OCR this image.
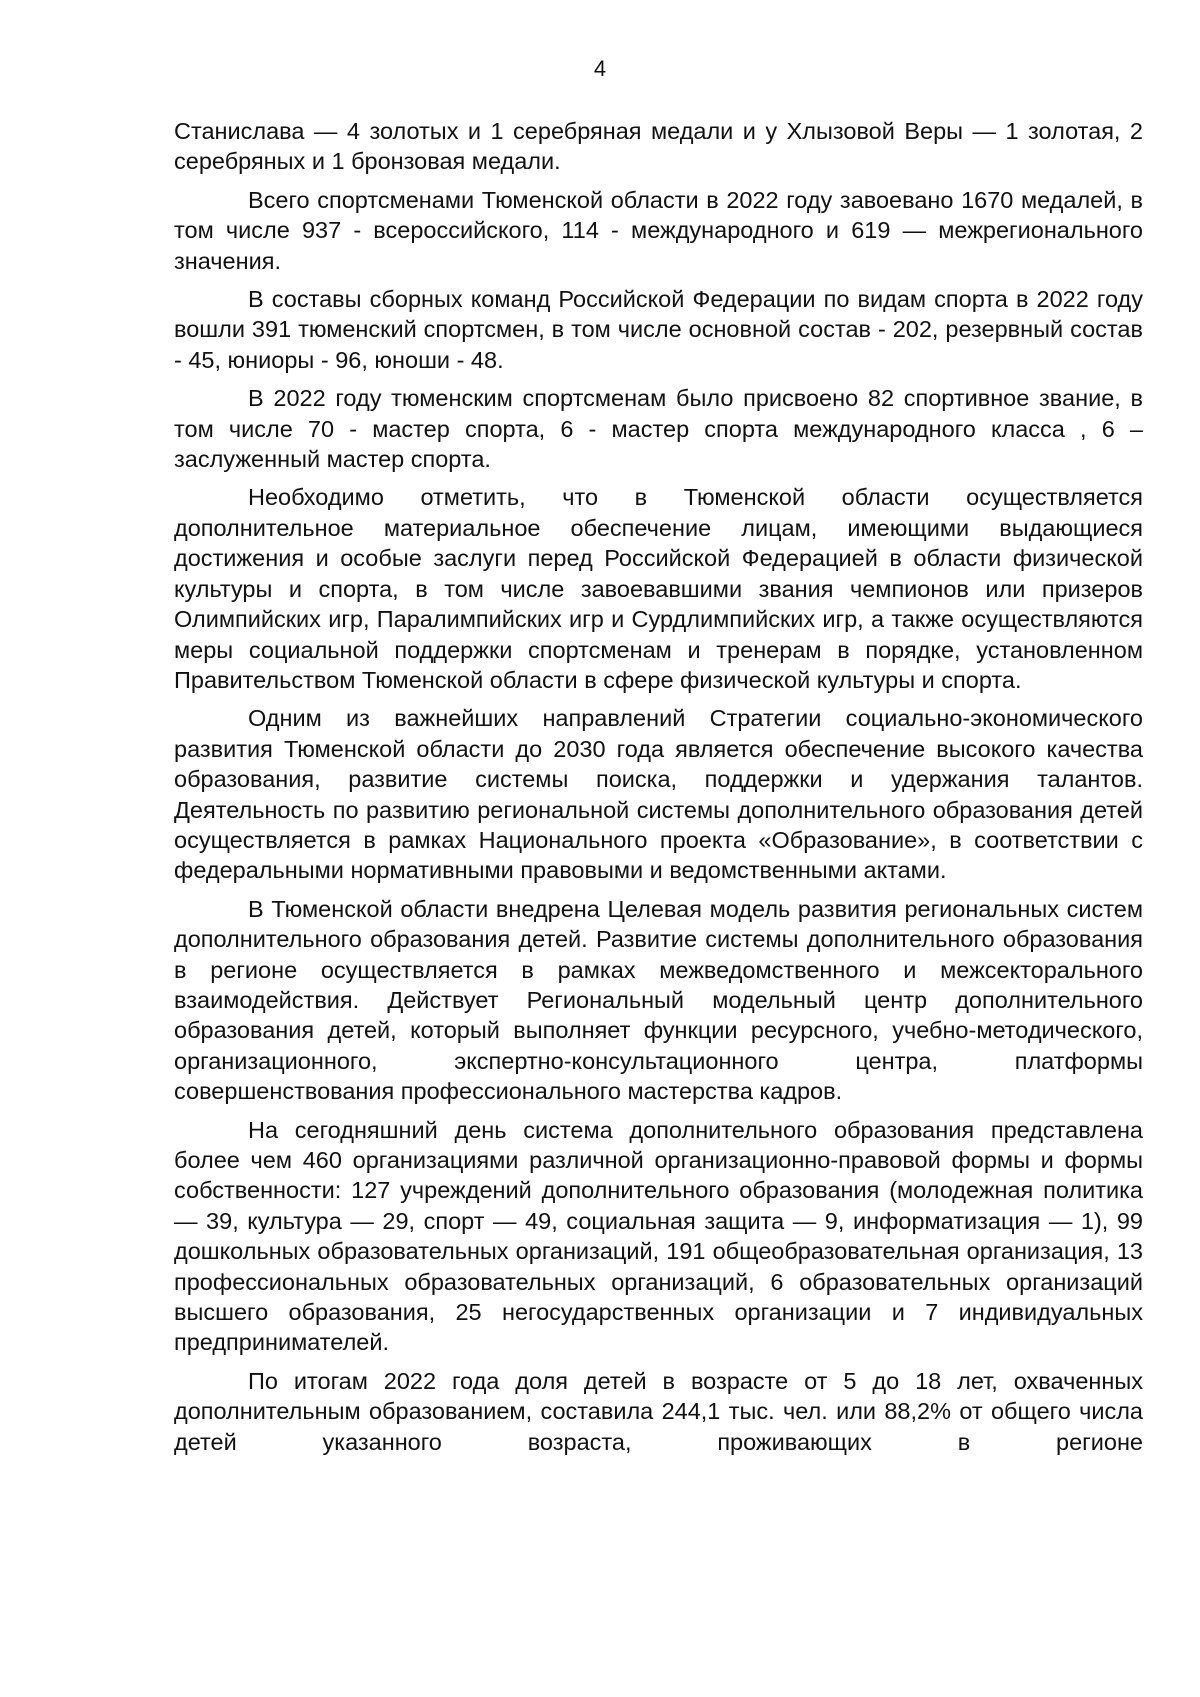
4

Станислава — 4 золотых и 1 серебряная медали и у Хлызовой Веры — 1 золотая, 2 серебряных и 1 бронзовая медали.

Всего спортсменами Тюменской области в 2022 году завоевано 1670 медалей, в том числе 937 - всероссийского, 114 - международного и 619 — межрегионального значения.

В составы сборных команд Российской Федерации по видам спорта в 2022 году вошли 391 тюменский спортсмен, в том числе основной состав - 202, резервный состав - 45, юниоры - 96, юноши - 48.

В 2022 году тюменским спортсменам было присвоено 82 спортивное звание, в том числе 70 - мастер спорта, 6 - мастер спорта международного класса , 6 – заслуженный мастер спорта.

Необходимо отметить, что в Тюменской области осуществляется дополнительное материальное обеспечение лицам, имеющими выдающиеся достижения и особые заслуги перед Российской Федерацией в области физической культуры и спорта, в том числе завоевавшими звания чемпионов или призеров Олимпийских игр, Паралимпийских игр и Сурдлимпийских игр, а также осуществляются меры социальной поддержки спортсменам и тренерам в порядке, установленном Правительством Тюменской области в сфере физической культуры и спорта.

Одним из важнейших направлений Стратегии социально-экономического развития Тюменской области до 2030 года является обеспечение высокого качества образования, развитие системы поиска, поддержки и удержания талантов. Деятельность по развитию региональной системы дополнительного образования детей осуществляется в рамках Национального проекта «Образование», в соответствии с федеральными нормативными правовыми и ведомственными актами.

В Тюменской области внедрена Целевая модель развития региональных систем дополнительного образования детей. Развитие системы дополнительного образования в регионе осуществляется в рамках межведомственного и межсекторального взаимодействия. Действует Региональный модельный центр дополнительного образования детей, который выполняет функции ресурсного, учебно-методического, организационного, экспертно-консультационного центра, платформы совершенствования профессионального мастерства кадров.

На сегодняшний день система дополнительного образования представлена более чем 460 организациями различной организационно-правовой формы и формы собственности: 127 учреждений дополнительного образования (молодежная политика — 39, культура — 29, спорт — 49, социальная защита — 9, информатизация — 1), 99 дошкольных образовательных организаций, 191 общеобразовательная организация, 13 профессиональных образовательных организаций, 6 образовательных организаций высшего образования, 25 негосударственных организации и 7 индивидуальных предпринимателей.

По итогам 2022 года доля детей в возрасте от 5 до 18 лет, охваченных дополнительным образованием, составила 244,1 тыс. чел. или 88,2% от общего числа детей указанного возраста, проживающих в регионе
